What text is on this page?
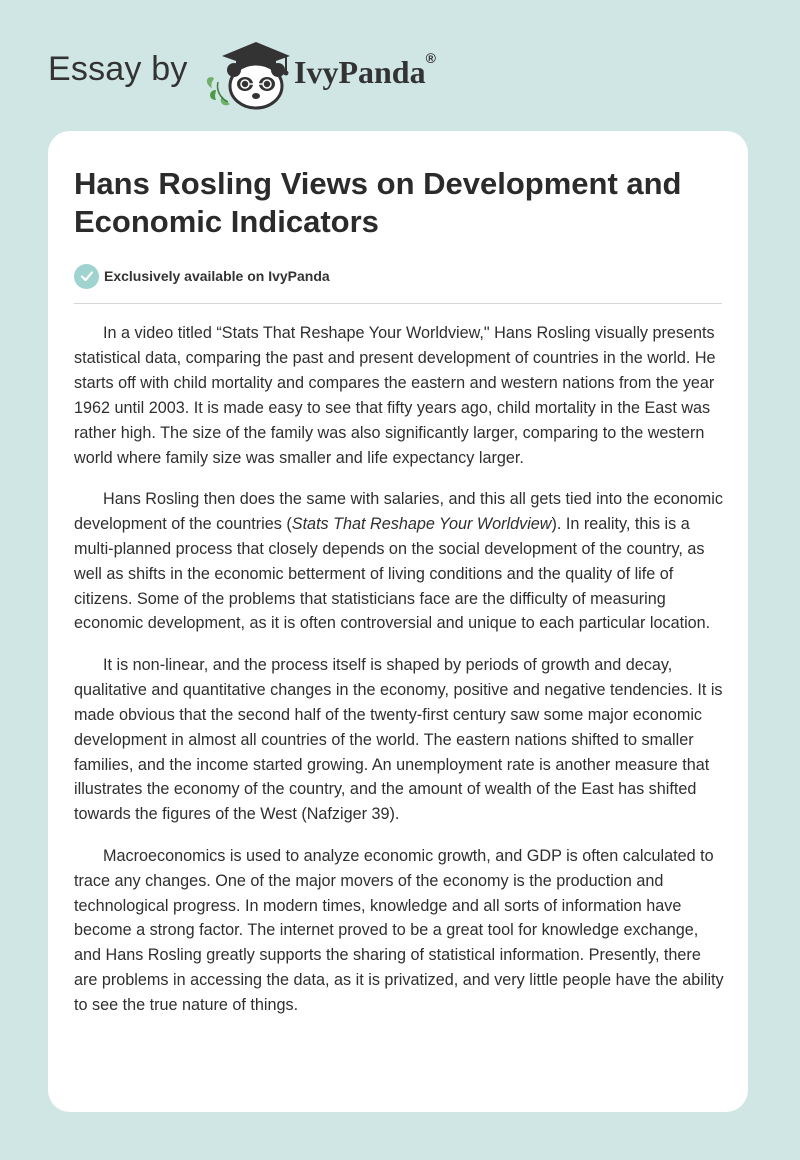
Essay by	IvyPanda®
Hans Rosling Views on Development and Economic Indicators
Exclusively available on IvyPanda

In a video titled “Stats That Reshape Your Worldview," Hans Rosling visually presents statistical data, comparing the past and present development of countries in the world. He starts off with child mortality and compares the eastern and western nations from the year 1962 until 2003. It is made easy to see that fifty years ago, child mortality in the East was rather high. The size of the family was also significantly larger, comparing to the western world where family size was smaller and life expectancy larger.

Hans Rosling then does the same with salaries, and this all gets tied into the economic development of the countries (Stats That Reshape Your Worldview). In reality, this is a multi-planned process that closely depends on the social development of the country, as well as shifts in the economic betterment of living conditions and the quality of life of citizens. Some of the problems that statisticians face are the difficulty of measuring economic development, as it is often controversial and unique to each particular location.

It is non-linear, and the process itself is shaped by periods of growth and decay, qualitative and quantitative changes in the economy, positive and negative tendencies. It is made obvious that the second half of the twenty-first century saw some major economic development in almost all countries of the world. The eastern nations shifted to smaller families, and the income started growing. An unemployment rate is another measure that illustrates the economy of the country, and the amount of wealth of the East has shifted towards the figures of the West (Nafziger 39).

Macroeconomics is used to analyze economic growth, and GDP is often calculated to trace any changes. One of the major movers of the economy is the production and technological progress. In modern times, knowledge and all sorts of information have become a strong factor. The internet proved to be a great tool for knowledge exchange, and Hans Rosling greatly supports the sharing of statistical information. Presently, there are problems in accessing the data, as it is privatized, and very little people have the ability to see the true nature of things.
